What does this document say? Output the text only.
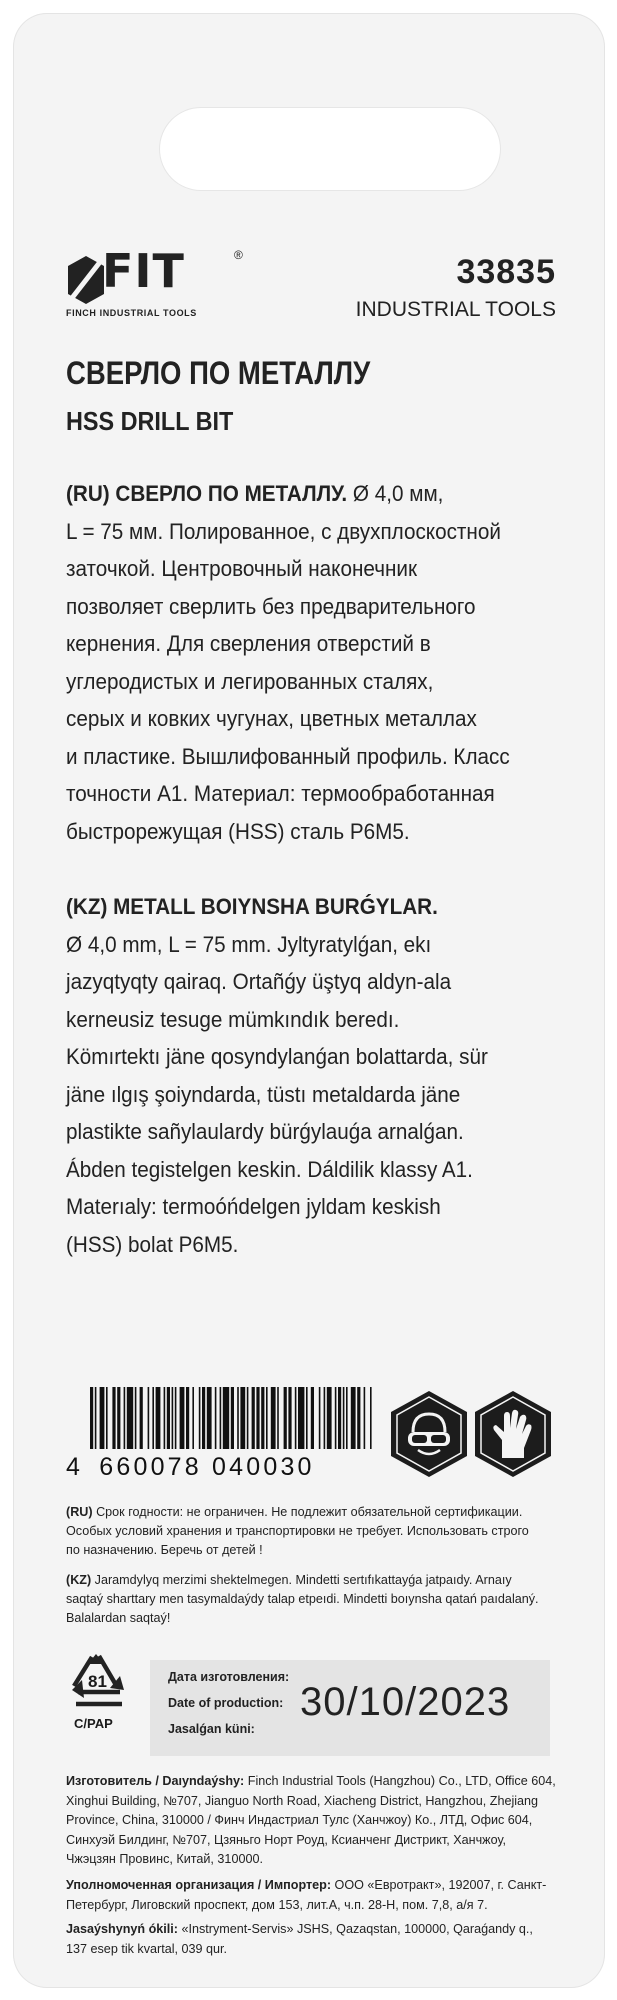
FIT	®
FINCH INDUSTRIAL TOOLS
33835
INDUSTRIAL TOOLS
СВЕРЛО ПО МЕТАЛЛУ
HSS DRILL BIT
(RU) СВЕРЛО ПО МЕТАЛЛУ. Ø 4,0 мм,
L = 75 мм. Полированное, с двухплоскостной
заточкой. Центровочный наконечник
позволяет сверлить без предварительного
кернения. Для сверления отверстий в
углеродистых и легированных сталях,
серых и ковких чугунах, цветных металлах
и пластике. Вышлифованный профиль. Класс
точности А1. Материал: термообработанная
быстрорежущая (HSS) сталь Р6М5.
(KZ) METALL BOIYNSHA BURǴYLAR.
Ø 4,0 mm, L = 75 mm. Jyltyratylǵan, ekı
jazyqtyqty qairaq. Ortañǵy üştyq aldyn-ala
kerneusiz tesuge mümkındık beredı.
Kömırtektı jäne qosyndylanǵan bolattarda, sür
jäne ılgış şoiyndarda, tüstı metaldarda jäne
plastikte sañylaulardy bürǵylauǵa arnalǵan.
Ábden tegistelgen keskin. Dáldilik klassy A1.
Materıaly: termoóńdelgen jyldam keskish
(HSS) bolat P6M5.
4 660078 040030
(RU) Срок годности: не ограничен. Не подлежит обязательной сертификации.
Особых условий хранения и транспортировки не требует. Использовать строго
по назначению. Беречь от детей !
(KZ) Jaramdylyq merzimi shektelmegen. Mindetti sertıfıkattayǵa jatpaıdy. Arnaıy
saqtaý sharttary men tasymaldaýdy talap etpeıdi. Mindetti boıynsha qatań paıdalaný.
Balalardan saqtaý!
81
C/PAP
Дата изготовления:
Date of production:
Jasalǵan küni:
30/10/2023
Изготовитель / Daıyndaýshy: Finch Industrial Tools (Hangzhou) Co., LTD, Office 604,
Xinghui Building, №707, Jianguo North Road, Xiacheng District, Hangzhou, Zhejiang
Province, China, 310000 / Финч Индастриал Тулс (Ханчжоу) Ко., ЛТД, Офис 604,
Синхуэй Билдинг, №707, Цзяньго Норт Роуд, Ксианченг Дистрикт, Ханчжоу,
Чжэцзян Провинс, Китай, 310000.
Уполномоченная организация / Импортер: ООО «Евротракт», 192007, г. Санкт-
Петербург, Лиговский проспект, дом 153, лит.А, ч.п. 28-Н, пом. 7,8, а/я 7.
Jasaýshynyń ókili: «Instryment-Servis» JSHS, Qazaqstan, 100000, Qaraǵandy q.,
137 esep tik kvartal, 039 qur.
